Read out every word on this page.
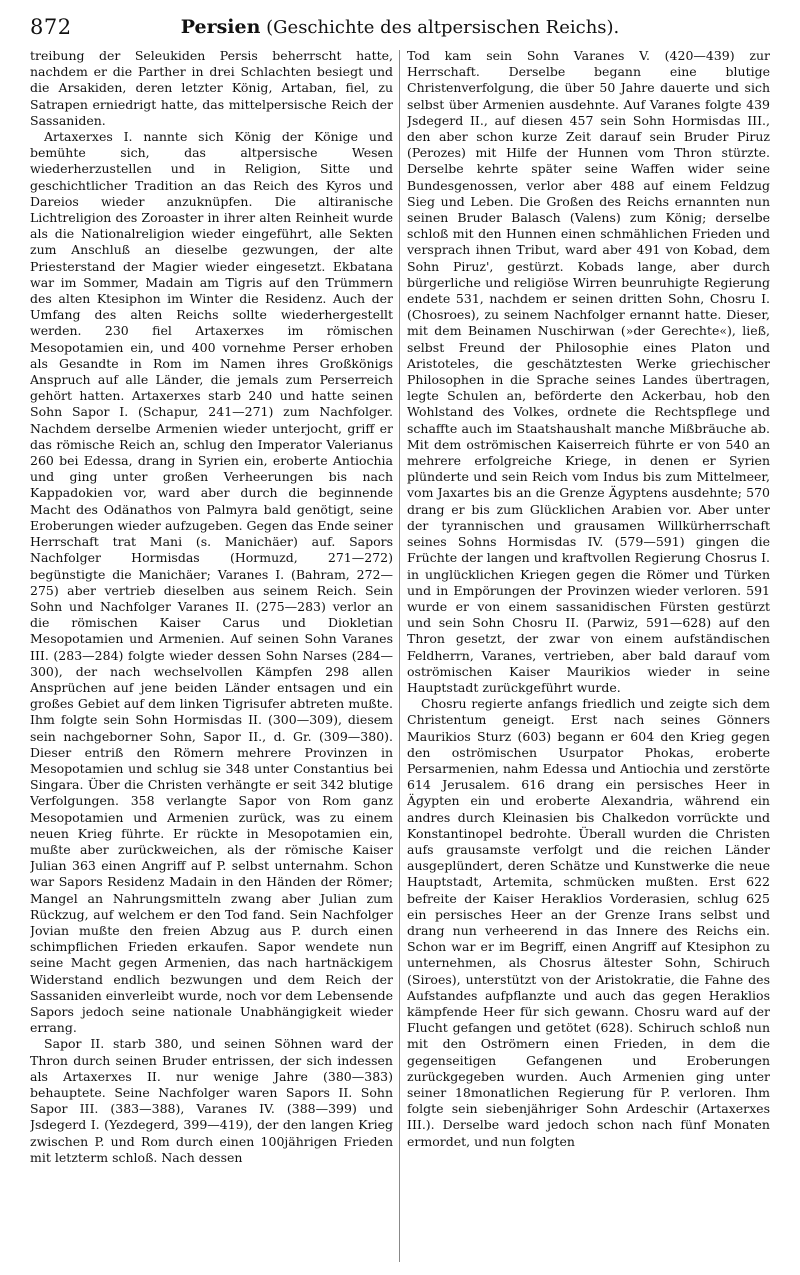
872	Persien (Geschichte des altpersischen Reichs).

treibung der Seleukiden Persis beherrscht hatte, nachdem er die Parther in drei Schlachten besiegt und die Arsakiden, deren letzter König, Artaban, fiel, zu Satrapen erniedrigt hatte, das mittelpersische Reich der Sassaniden.

Artaxerxes I. nannte sich König der Könige und bemühte sich, das altpersische Wesen wiederherzustellen und in Religion, Sitte und geschichtlicher Tradition an das Reich des Kyros und Dareios wieder anzuknüpfen. Die altiranische Lichtreligion des Zoroaster in ihrer alten Reinheit wurde als die Nationalreligion wieder eingeführt, alle Sekten zum Anschluß an dieselbe gezwungen, der alte Priesterstand der Magier wieder eingesetzt. Ekbatana war im Sommer, Madain am Tigris auf den Trümmern des alten Ktesiphon im Winter die Residenz. Auch der Umfang des alten Reichs sollte wiederhergestellt werden. 230 fiel Artaxerxes im römischen Mesopotamien ein, und 400 vornehme Perser erhoben als Gesandte in Rom im Namen ihres Großkönigs Anspruch auf alle Länder, die jemals zum Perserreich gehört hatten. Artaxerxes starb 240 und hatte seinen Sohn Sapor I. (Schapur, 241—271) zum Nachfolger. Nachdem derselbe Armenien wieder unterjocht, griff er das römische Reich an, schlug den Imperator Valerianus 260 bei Edessa, drang in Syrien ein, eroberte Antiochia und ging unter großen Verheerungen bis nach Kappadokien vor, ward aber durch die beginnende Macht des Odänathos von Palmyra bald genötigt, seine Eroberungen wieder aufzugeben. Gegen das Ende seiner Herrschaft trat Mani (s. Manichäer) auf. Sapors Nachfolger Hormisdas (Hormuzd, 271—272) begünstigte die Manichäer; Varanes I. (Bahram, 272—275) aber vertrieb dieselben aus seinem Reich. Sein Sohn und Nachfolger Varanes II. (275—283) verlor an die römischen Kaiser Carus und Diokletian Mesopotamien und Armenien. Auf seinen Sohn Varanes III. (283—284) folgte wieder dessen Sohn Narses (284—300), der nach wechselvollen Kämpfen 298 allen Ansprüchen auf jene beiden Länder entsagen und ein großes Gebiet auf dem linken Tigrisufer abtreten mußte. Ihm folgte sein Sohn Hormisdas II. (300—309), diesem sein nachgeborner Sohn, Sapor II., d. Gr. (309—380). Dieser entriß den Römern mehrere Provinzen in Mesopotamien und schlug sie 348 unter Constantius bei Singara. Über die Christen verhängte er seit 342 blutige Verfolgungen. 358 verlangte Sapor von Rom ganz Mesopotamien und Armenien zurück, was zu einem neuen Krieg führte. Er rückte in Mesopotamien ein, mußte aber zurückweichen, als der römische Kaiser Julian 363 einen Angriff auf P. selbst unternahm. Schon war Sapors Residenz Madain in den Händen der Römer; Mangel an Nahrungsmitteln zwang aber Julian zum Rückzug, auf welchem er den Tod fand. Sein Nachfolger Jovian mußte den freien Abzug aus P. durch einen schimpflichen Frieden erkaufen. Sapor wendete nun seine Macht gegen Armenien, das nach hartnäckigem Widerstand endlich bezwungen und dem Reich der Sassaniden einverleibt wurde, noch vor dem Lebensende Sapors jedoch seine nationale Unabhängigkeit wieder errang.

Sapor II. starb 380, und seinen Söhnen ward der Thron durch seinen Bruder entrissen, der sich indessen als Artaxerxes II. nur wenige Jahre (380—383) behauptete. Seine Nachfolger waren Sapors II. Sohn Sapor III. (383—388), Varanes IV. (388—399) und Jsdegerd I. (Yezdegerd, 399—419), der den langen Krieg zwischen P. und Rom durch einen 100jährigen Frieden mit letzterm schloß. Nach dessen

Tod kam sein Sohn Varanes V. (420—439) zur Herrschaft. Derselbe begann eine blutige Christenverfolgung, die über 50 Jahre dauerte und sich selbst über Armenien ausdehnte. Auf Varanes folgte 439 Jsdegerd II., auf diesen 457 sein Sohn Hormisdas III., den aber schon kurze Zeit darauf sein Bruder Piruz (Perozes) mit Hilfe der Hunnen vom Thron stürzte. Derselbe kehrte später seine Waffen wider seine Bundesgenossen, verlor aber 488 auf einem Feldzug Sieg und Leben. Die Großen des Reichs ernannten nun seinen Bruder Balasch (Valens) zum König; derselbe schloß mit den Hunnen einen schmählichen Frieden und versprach ihnen Tribut, ward aber 491 von Kobad, dem Sohn Piruz', gestürzt. Kobads lange, aber durch bürgerliche und religiöse Wirren beunruhigte Regierung endete 531, nachdem er seinen dritten Sohn, Chosru I. (Chosroes), zu seinem Nachfolger ernannt hatte. Dieser, mit dem Beinamen Nuschirwan (»der Gerechte«), ließ, selbst Freund der Philosophie eines Platon und Aristoteles, die geschätztesten Werke griechischer Philosophen in die Sprache seines Landes übertragen, legte Schulen an, beförderte den Ackerbau, hob den Wohlstand des Volkes, ordnete die Rechtspflege und schaffte auch im Staatshaushalt manche Mißbräuche ab. Mit dem oströmischen Kaiserreich führte er von 540 an mehrere erfolgreiche Kriege, in denen er Syrien plünderte und sein Reich vom Indus bis zum Mittelmeer, vom Jaxartes bis an die Grenze Ägyptens ausdehnte; 570 drang er bis zum Glücklichen Arabien vor. Aber unter der tyrannischen und grausamen Willkürherrschaft seines Sohns Hormisdas IV. (579—591) gingen die Früchte der langen und kraftvollen Regierung Chosrus I. in unglücklichen Kriegen gegen die Römer und Türken und in Empörungen der Provinzen wieder verloren. 591 wurde er von einem sassanidischen Fürsten gestürzt und sein Sohn Chosru II. (Parwiz, 591—628) auf den Thron gesetzt, der zwar von einem aufständischen Feldherrn, Varanes, vertrieben, aber bald darauf vom oströmischen Kaiser Maurikios wieder in seine Hauptstadt zurückgeführt wurde.

Chosru regierte anfangs friedlich und zeigte sich dem Christentum geneigt. Erst nach seines Gönners Maurikios Sturz (603) begann er 604 den Krieg gegen den oströmischen Usurpator Phokas, eroberte Persarmenien, nahm Edessa und Antiochia und zerstörte 614 Jerusalem. 616 drang ein persisches Heer in Ägypten ein und eroberte Alexandria, während ein andres durch Kleinasien bis Chalkedon vorrückte und Konstantinopel bedrohte. Überall wurden die Christen aufs grausamste verfolgt und die reichen Länder ausgeplündert, deren Schätze und Kunstwerke die neue Hauptstadt, Artemita, schmücken mußten. Erst 622 befreite der Kaiser Heraklios Vorderasien, schlug 625 ein persisches Heer an der Grenze Irans selbst und drang nun verheerend in das Innere des Reichs ein. Schon war er im Begriff, einen Angriff auf Ktesiphon zu unternehmen, als Chosrus ältester Sohn, Schiruch (Siroes), unterstützt von der Aristokratie, die Fahne des Aufstandes aufpflanzte und auch das gegen Heraklios kämpfende Heer für sich gewann. Chosru ward auf der Flucht gefangen und getötet (628). Schiruch schloß nun mit den Oströmern einen Frieden, in dem die gegenseitigen Gefangenen und Eroberungen zurückgegeben wurden. Auch Armenien ging unter seiner 18monatlichen Regierung für P. verloren. Ihm folgte sein siebenjähriger Sohn Ardeschir (Artaxerxes III.). Derselbe ward jedoch schon nach fünf Monaten ermordet, und nun folgten
